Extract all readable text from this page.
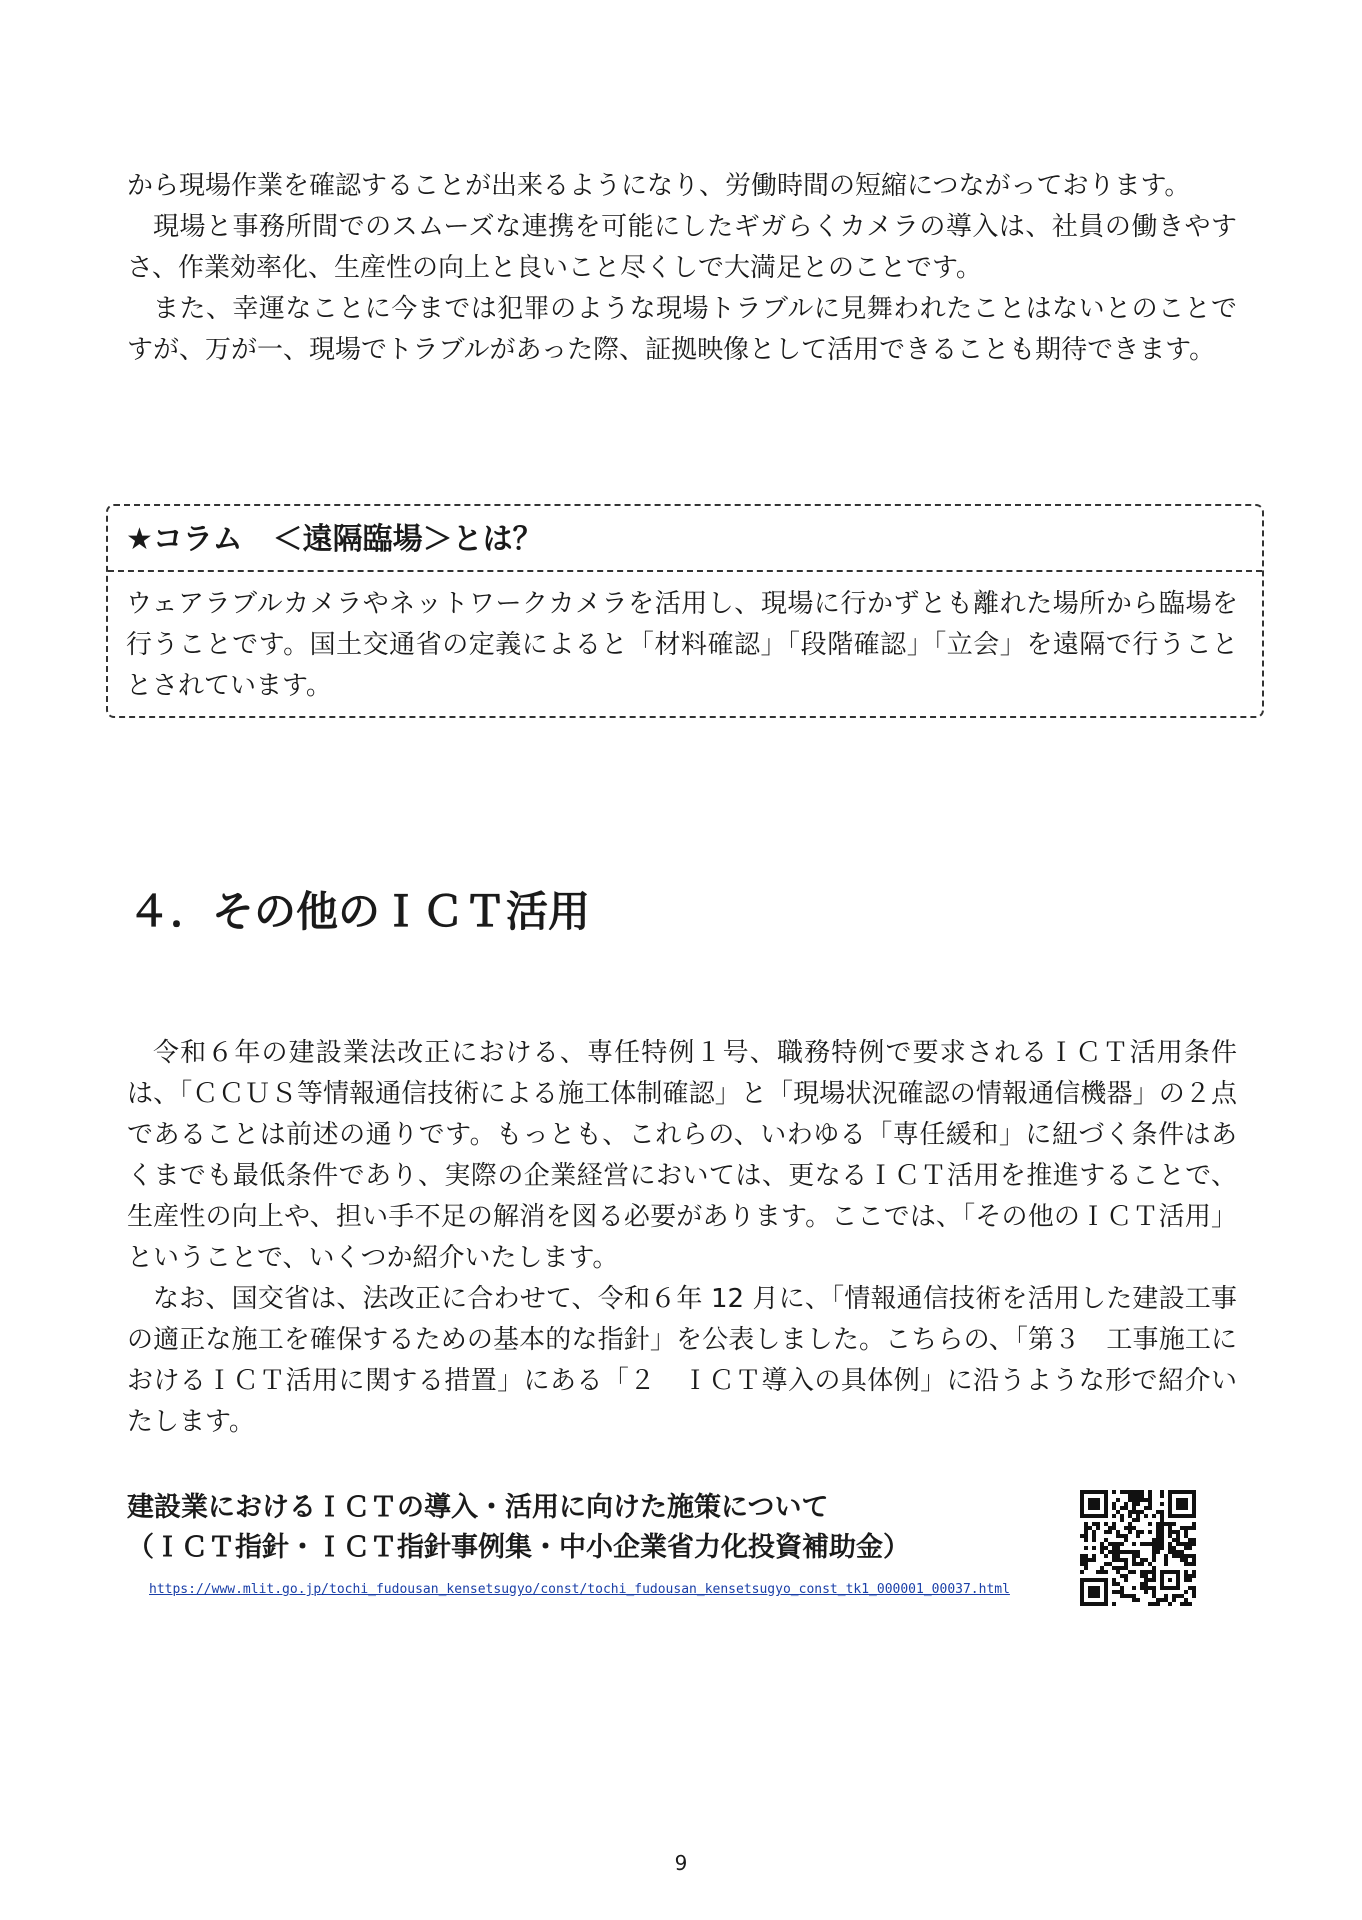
から現場作業を確認することが出来るようになり、労働時間の短縮につながっております。

現場と事務所間でのスムーズな連携を可能にしたギガらくカメラの導入は、社員の働きやすさ、作業効率化、生産性の向上と良いこと尽くしで大満足とのことです。

また、幸運なことに今までは犯罪のような現場トラブルに見舞われたことはないとのことですが、万が一、現場でトラブルがあった際、証拠映像として活用できることも期待できます。

★コラム　＜遠隔臨場＞とは？

ウェアラブルカメラやネットワークカメラを活用し、現場に行かずとも離れた場所から臨場を行うことです。国土交通省の定義によると「材料確認」「段階確認」「立会」を遠隔で行うこととされています。

４．その他のＩＣＴ活用

令和６年の建設業法改正における、専任特例１号、職務特例で要求されるＩＣＴ活用条件は、「ＣＣＵＳ等情報通信技術による施工体制確認」と「現場状況確認の情報通信機器」の２点であることは前述の通りです。もっとも、これらの、いわゆる「専任緩和」に紐づく条件はあくまでも最低条件であり、実際の企業経営においては、更なるＩＣＴ活用を推進することで、生産性の向上や、担い手不足の解消を図る必要があります。ここでは、「その他のＩＣＴ活用」ということで、いくつか紹介いたします。

なお、国交省は、法改正に合わせて、令和６年 12 月に、「情報通信技術を活用した建設工事の適正な施工を確保するための基本的な指針」を公表しました。こちらの、「第３　工事施工におけるＩＣＴ活用に関する措置」にある「２　ＩＣＴ導入の具体例」に沿うような形で紹介いたします。

建設業におけるＩＣＴの導入・活用に向けた施策について

（ＩＣＴ指針・ＩＣＴ指針事例集・中小企業省力化投資補助金）

https://www.mlit.go.jp/tochi_fudousan_kensetsugyo/const/tochi_fudousan_kensetsugyo_const_tk1_000001_00037.html
9
